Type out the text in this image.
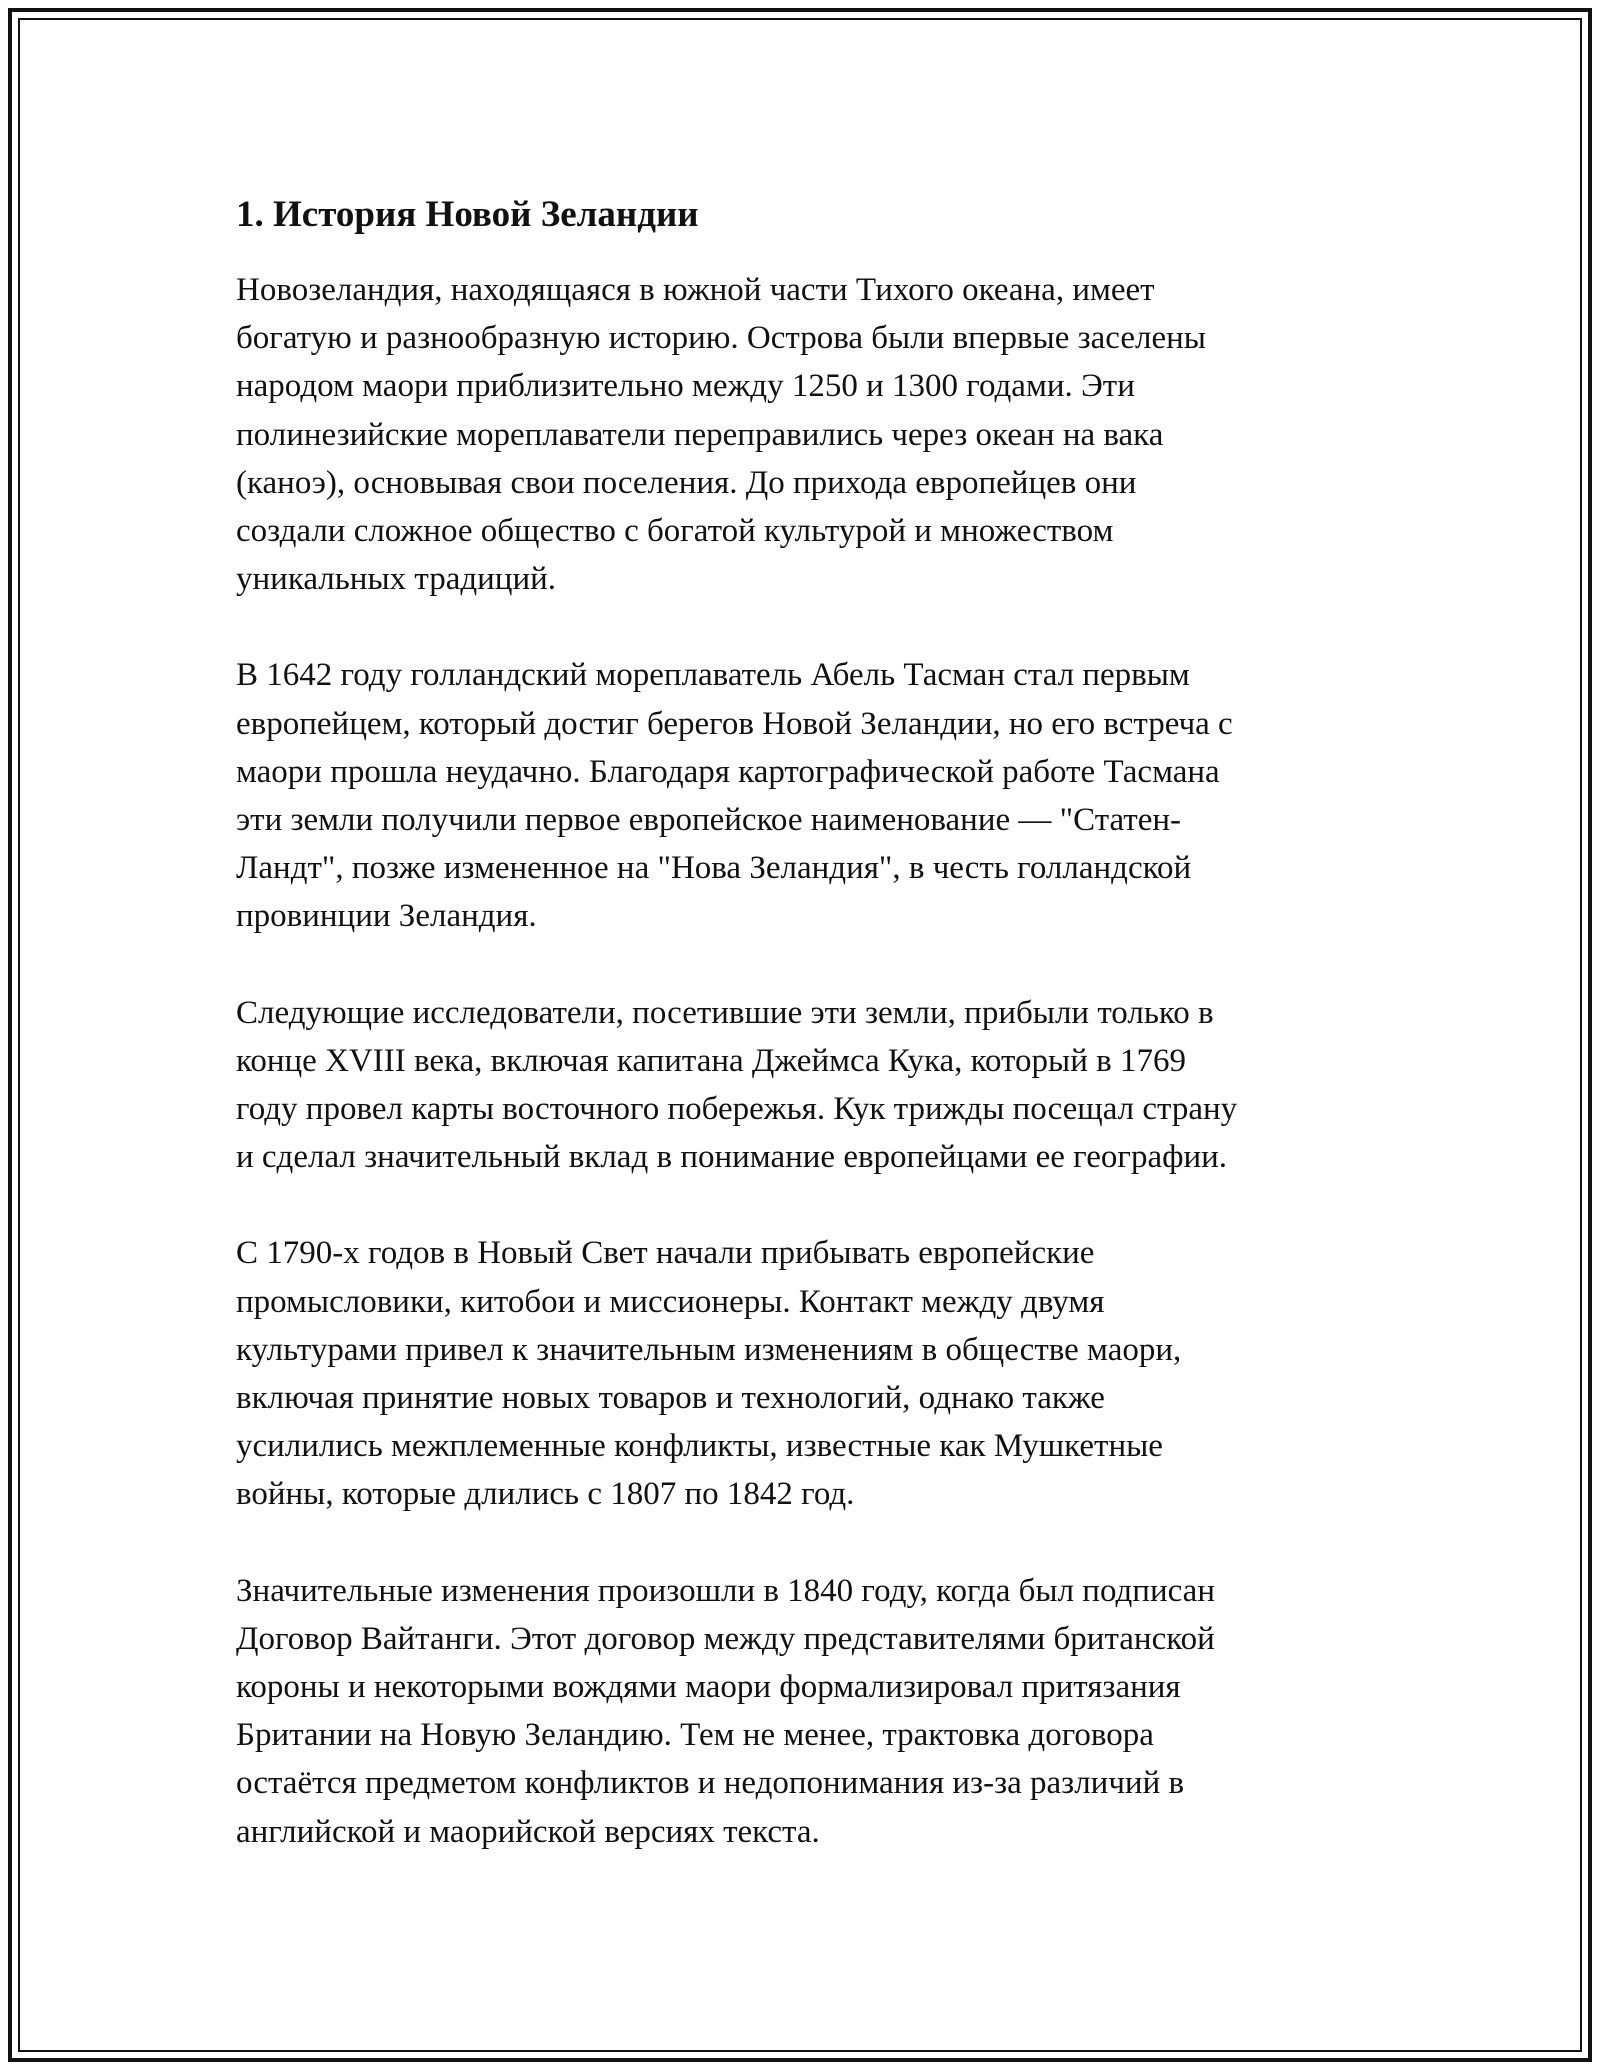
1. История Новой Зеландии

Новозеландия, находящаяся в южной части Тихого океана, имеет
богатую и разнообразную историю. Острова были впервые заселены
народом маори приблизительно между 1250 и 1300 годами. Эти
полинезийские мореплаватели переправились через океан на вака
(каноэ), основывая свои поселения. До прихода европейцев они
создали сложное общество с богатой культурой и множеством
уникальных традиций.

В 1642 году голландский мореплаватель Абель Тасман стал первым
европейцем, который достиг берегов Новой Зеландии, но его встреча с
маори прошла неудачно. Благодаря картографической работе Тасмана
эти земли получили первое европейское наименование — "Статен-
Ландт", позже измененное на "Нова Зеландия", в честь голландской
провинции Зеландия.

Следующие исследователи, посетившие эти земли, прибыли только в
конце XVIII века, включая капитана Джеймса Кука, который в 1769
году провел карты восточного побережья. Кук трижды посещал страну
и сделал значительный вклад в понимание европейцами ее географии.

С 1790-х годов в Новый Свет начали прибывать европейские
промысловики, китобои и миссионеры. Контакт между двумя
культурами привел к значительным изменениям в обществе маори,
включая принятие новых товаров и технологий, однако также
усилились межплеменные конфликты, известные как Мушкетные
войны, которые длились с 1807 по 1842 год.

Значительные изменения произошли в 1840 году, когда был подписан
Договор Вайтанги. Этот договор между представителями британской
короны и некоторыми вождями маори формализировал притязания
Британии на Новую Зеландию. Тем не менее, трактовка договора
остаётся предметом конфликтов и недопонимания из-за различий в
английской и маорийской версиях текста.
